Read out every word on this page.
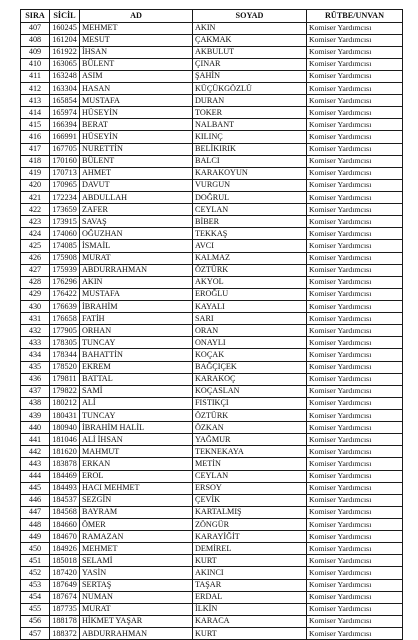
SIRA	SİCİL	AD	SOYAD	RÜTBE/UNVAN
407	160245	MEHMET	AKIN	Komiser Yardımcısı
408	161204	MESUT	ÇAKMAK	Komiser Yardımcısı
409	161922	İHSAN	AKBULUT	Komiser Yardımcısı
410	163065	BÜLENT	ÇINAR	Komiser Yardımcısı
411	163248	ASIM	ŞAHİN	Komiser Yardımcısı
412	163304	HASAN	KÜÇÜKGÖZLÜ	Komiser Yardımcısı
413	165854	MUSTAFA	DURAN	Komiser Yardımcısı
414	165974	HÜSEYİN	TOKER	Komiser Yardımcısı
415	166394	BERAT	NALBANT	Komiser Yardımcısı
416	166991	HÜSEYİN	KILINÇ	Komiser Yardımcısı
417	167705	NURETTİN	BELİKIRIK	Komiser Yardımcısı
418	170160	BÜLENT	BALCI	Komiser Yardımcısı
419	170713	AHMET	KARAKOYUN	Komiser Yardımcısı
420	170965	DAVUT	VURGUN	Komiser Yardımcısı
421	172234	ABDULLAH	DOĞRUL	Komiser Yardımcısı
422	173659	ZAFER	CEYLAN	Komiser Yardımcısı
423	173915	SAVAŞ	BİBER	Komiser Yardımcısı
424	174060	OĞUZHAN	TEKKAŞ	Komiser Yardımcısı
425	174085	İSMAİL	AVCI	Komiser Yardımcısı
426	175908	MURAT	KALMAZ	Komiser Yardımcısı
427	175939	ABDURRAHMAN	ÖZTÜRK	Komiser Yardımcısı
428	176296	AKIN	AKYOL	Komiser Yardımcısı
429	176422	MUSTAFA	EROĞLU	Komiser Yardımcısı
430	176639	İBRAHİM	KAYALI	Komiser Yardımcısı
431	176658	FATİH	SARI	Komiser Yardımcısı
432	177905	ORHAN	ORAN	Komiser Yardımcısı
433	178305	TUNCAY	ONAYLI	Komiser Yardımcısı
434	178344	BAHATTİN	KOÇAK	Komiser Yardımcısı
435	178520	EKREM	BAĞÇIÇEK	Komiser Yardımcısı
436	179811	BATTAL	KARAKOÇ	Komiser Yardımcısı
437	179822	SAMİ	KOÇASLAN	Komiser Yardımcısı
438	180212	ALİ	FISTIKÇI	Komiser Yardımcısı
439	180431	TUNCAY	ÖZTÜRK	Komiser Yardımcısı
440	180940	İBRAHİM HALİL	ÖZKAN	Komiser Yardımcısı
441	181046	ALİ İHSAN	YAĞMUR	Komiser Yardımcısı
442	181620	MAHMUT	TEKNEKAYA	Komiser Yardımcısı
443	183878	ERKAN	METİN	Komiser Yardımcısı
444	184469	EROL	CEYLAN	Komiser Yardımcısı
445	184493	HACI MEHMET	ERSOY	Komiser Yardımcısı
446	184537	SEZGİN	ÇEVİK	Komiser Yardımcısı
447	184568	BAYRAM	KARTALMIŞ	Komiser Yardımcısı
448	184660	ÖMER	ZÖNGÜR	Komiser Yardımcısı
449	184670	RAMAZAN	KARAYİĞİT	Komiser Yardımcısı
450	184926	MEHMET	DEMİREL	Komiser Yardımcısı
451	185018	SELAMİ	KURT	Komiser Yardımcısı
452	187420	YASİN	AKINCI	Komiser Yardımcısı
453	187649	SERTAŞ	TAŞAR	Komiser Yardımcısı
454	187674	NUMAN	ERDAL	Komiser Yardımcısı
455	187735	MURAT	İLKİN	Komiser Yardımcısı
456	188178	HİKMET YAŞAR	KARACA	Komiser Yardımcısı
457	188372	ABDURRAHMAN	KURT	Komiser Yardımcısı
